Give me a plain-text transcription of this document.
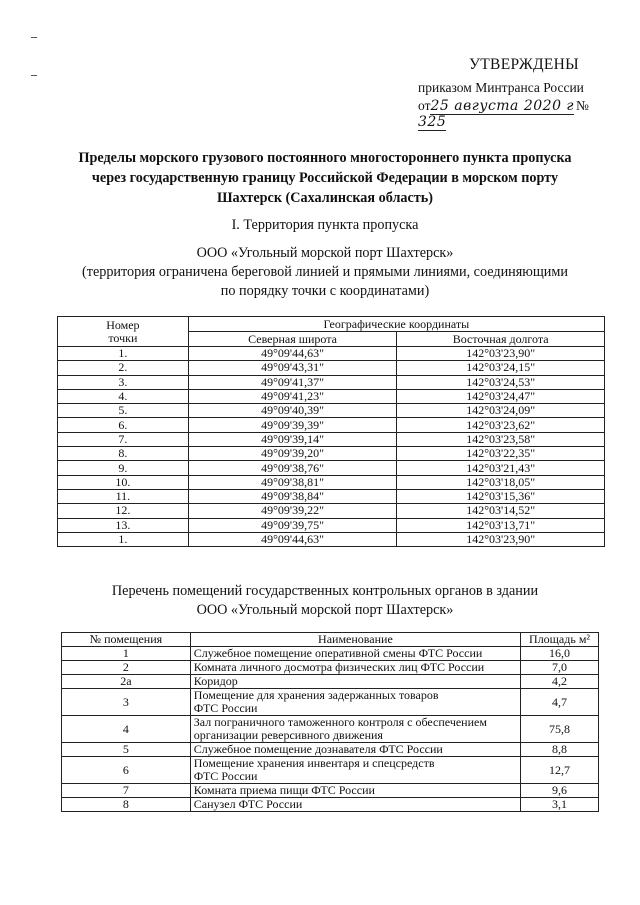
УТВЕРЖДЕНЫ
приказом Минтранса России
от25 августа 2020 г № 325
Пределы морского грузового постоянного многостороннего пункта пропуска
через государственную границу Российской Федерации в морском порту
Шахтерск (Сахалинская область)
I. Территория пункта пропуска
ООО «Угольный морской порт Шахтерск»
(территория ограничена береговой линией и прямыми линиями, соединяющими
по порядку точки с координатами)
Номер
точки	Географические координаты	
	Северная широта	Восточная долгота
1.	49°09'44,63"	142°03'23,90"
2.	49°09'43,31"	142°03'24,15"
3.	49°09'41,37"	142°03'24,53"
4.	49°09'41,23"	142°03'24,47"
5.	49°09'40,39"	142°03'24,09"
6.	49°09'39,39"	142°03'23,62"
7.	49°09'39,14"	142°03'23,58"
8.	49°09'39,20"	142°03'22,35"
9.	49°09'38,76"	142°03'21,43"
10.	49°09'38,81"	142°03'18,05"
11.	49°09'38,84"	142°03'15,36"
12.	49°09'39,22"	142°03'14,52"
13.	49°09'39,75"	142°03'13,71"
1.	49°09'44,63"	142°03'23,90"
Перечень помещений государственных контрольных органов в здании
ООО «Угольный морской порт Шахтерск»
№ помещения	Наименование	Площадь м²
1	Служебное помещение оперативной смены ФТС России	16,0
2	Комната личного досмотра физических лиц ФТС России	7,0
2а	Коридор	4,2
3	Помещение для хранения задержанных товаров
ФТС России	4,7
4	Зал пограничного таможенного контроля с обеспечением
организации реверсивного движения	75,8
5	Служебное помещение дознавателя ФТС России	8,8
6	Помещение хранения инвентаря и спецсредств
ФТС России	12,7
7	Комната приема пищи ФТС России	9,6
8	Санузел ФТС России	3,1
